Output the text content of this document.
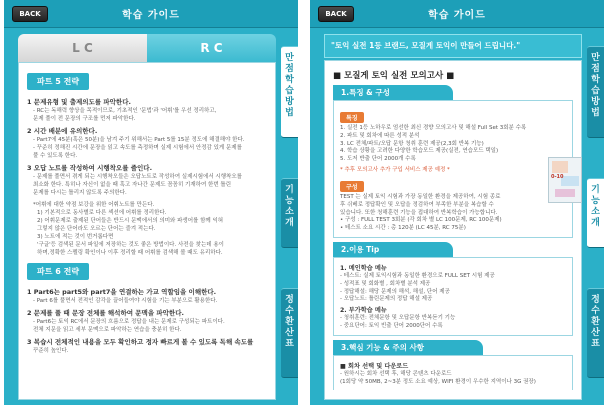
BACK	학습 가이드
L C	R C
파트 5 전략
1 문제유형 및 출제의도를 파악한다.
- RC는 독해력 향상을 목적이므로, 기초적인 '문법'과 '어휘'를 우선 정리하고,
문제 풀이 전 문장의 구조를 먼저 파악한다.
2 시간 배분에 유의한다.
- Part7에 45분(혹은 50분)을 남겨 주기 위해서는 Part 5를 15분 정도에 해결해야 한다.
- 꾸준히 정해진 시간에 문장을 읽고 속도를 측정하며 실제 시험에서 안정감 있게 문제를
풀 수 있도록 한다.
3 오답 노트를 작성하여 시행착오를 줄인다.
- 문제를 풀면서 겪게 되는 시행착오들은 오답노트로 작성하여 실제시험에서 시행착오를
최소화 한다. 특히나 자신이 없을 때 혹고 자나간 문제도 꼼꼼히 기재하여 한번 틀린
문제를 다시는 틀리지 않도록 주의한다.
*어휘에 대한 약점 보강을 위한 어휘노트를 만든다.
1) 기본적으로 동사별로 다른 섹션에 어휘를 정리한다.
2) 어휘문제로 출제된 단어들은 반드시 문맥에서의 의미와 파생어를 함께 익혀
그렇지 않은 단어라도 오르는 단어는 즐겨 적는다.
3) 노트에 적는 것이 번거롭다면
'구글'등 검색된 문서 파일에 저장하는 것도 좋은 방법이다. 사전을 찾는데 용이
하며,정확한 스펠링 확인이나 이후 정리할 때 어휘를 검색해 볼 때도 유리하다.
파트 6 전략
1 Part6는 part5와 part7을 연결하는 가교 역할임을 이해한다.
- Part 6를 풀면서 전적인 감각을 끌어들여야 시험을 기는 부분으로 활용한다.
2 문제를 풀 때 문장 전체를 해석하여 문맥을 파악한다.
- Part6는 토익 RC에서 문장의 흐름으로 정답을 내는 문제로 구성되는 파트이다.
전체 지문을 읽고 세부 문맥으로 파악하는 연습을 충분히 한다.
3 복습시 전체적인 내용을 모두 확인하고 정자 빠르게 볼 수 있도록 독해 속도를
꾸준히 높인다.
만점학습방법
기능소개
정수환산표
BACK	학습 가이드
"토익 실전 1등 브랜드, 모질게 토익이 만들어 드립니다."
■ 모질게 토익 실전 모의고사 ■
1.특징 & 구성
특징
1. 실전 1등 노하우로 엄선한 최신 경향 모의고사 및 해설 Full Set 3회분 수록
2. 파트 및 회차에 따른 성적 분석
3. LC 전체/파트/오답 문항 청취 훈련 제공(2,3회 반복 기능)
4. 학습 상황을 고려한 다양한 학습모드 제공(실전, 연습모드 택일)
5. 도저 반출 단어 2000개 수록
* 추후 모의고사 추가 구입 서비스 제공 예정 *
구성
TEST 는 실제 토익 시험과 가장 동일한 환경을 제공하여, 시험 종료
후 쉬베로 정답확인 및 오답을 정검하여 부족한 부분을 복습할 수
있습니다. 또한 청해훈련 기능을 접대하여 반복학습이 가능합니다.
• 구성 : FULL TEST 3회분 (각 회차 별 LC 100문제, RC 100문제)
• 테스트 소요 시간 : 총 120분 (LC 45분, RC 75분)
2.이용 Tip
1. 메인학습 메뉴
- 테스트: 실제 토익시험과 동일한 환경으로 FULL SET 시험 제공
- 성적표 및 회화별 , 회차별 분석 제공
- 정답해설: 해당 문제의 해석, 해설, 단어 제공
- 오답노트: 틀린문제의 정답 해설 제공
2. 부가학습 메뉴
- 청취훈련: 전체문항 및 오답문항 반복듣기 기능
- 중요단어: 토익 빈출 단어 2000단어 수록
3.핵심 기능 & 주의 사항
■ 회차 선택 및 다운로드
- 원하시는 회차 선택 후, 해당 콘텐츠 다운로드
(1회당 약 50MB, 2~3분 정도 소요 예상, WIFI 환경이 우수한 지역이나 3G 권장)
0-10
만점학습방법
기능소개
정수환산표
